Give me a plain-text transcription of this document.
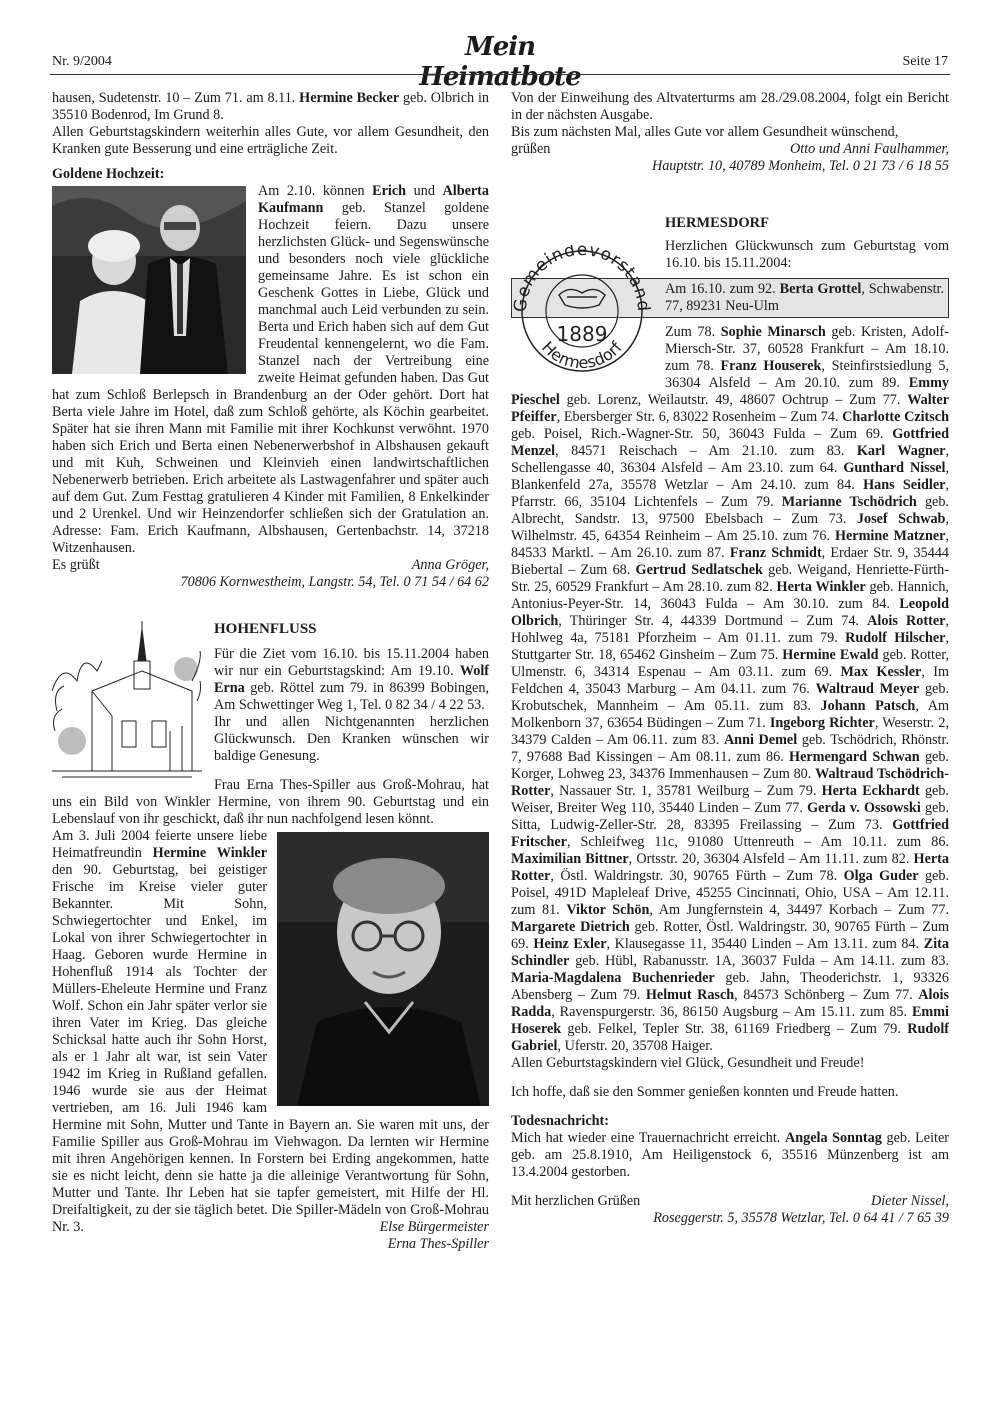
Nr. 9/2004	Mein Heimatbote
Seite 17

hausen, Sudetenstr. 10 – Zum 71. am 8.11. Hermine Becker geb. Olbrich in 35510 Bodenrod, Im Grund 8.

Allen Geburtstagskindern weiterhin alles Gute, vor allem Gesundheit, den Kranken gute Besserung und eine erträgliche Zeit.

Goldene Hochzeit:

Am 2.10. können Erich und Alberta Kaufmann geb. Stanzel goldene Hochzeit feiern. Dazu unsere herzlichsten Glück- und Segenswünsche und besonders noch viele glückliche gemeinsame Jahre. Es ist schon ein Geschenk Gottes in Liebe, Glück und manchmal auch Leid verbunden zu sein. Berta und Erich haben sich auf dem Gut Freudental kennengelernt, wo die Fam. Stanzel nach der Vertreibung eine zweite Heimat gefunden haben. Das Gut hat zum Schloß Berlepsch in Brandenburg an der Oder gehört. Dort hat Berta viele Jahre im Hotel, daß zum Schloß gehörte, als Köchin gearbeitet. Später hat sie ihren Mann mit Familie mit ihrer Kochkunst verwöhnt. 1970 haben sich Erich und Berta einen Nebenerwerbshof in Albshausen gekauft und mit Kuh, Schweinen und Kleinvieh einen landwirtschaftlichen Nebenerwerb betrieben. Erich arbeitete als Lastwagenfahrer und später auch auf dem Gut. Zum Festtag gratulieren 4 Kinder mit Familien, 8 Enkelkinder und 2 Urenkel. Und wir Heinzendorfer schließen sich der Gratulation an. Adresse: Fam. Erich Kaufmann, Albshausen, Gertenbachstr. 14, 37218 Witzenhausen.

Es grüßt	Anna Gröger,

70806 Kornwestheim, Langstr. 54, Tel. 0 71 54 / 64 62

HOHENFLUSS

Für die Ziet vom 16.10. bis 15.11.2004 haben wir nur ein Geburtstagskind: Am 19.10. Wolf Erna geb. Röttel zum 79. in 86399 Bobingen, Am Schwettinger Weg 1, Tel. 0 82 34 / 4 22 53.

Ihr und allen Nichtgenannten herzlichen Glückwunsch. Den Kranken wünschen wir baldige Genesung.

Frau Erna Thes-Spiller aus Groß-Mohrau, hat uns ein Bild von Winkler Hermine, von ihrem 90. Geburtstag und ein Lebenslauf von ihr geschickt, daß ihr nun nachfolgend lesen könnt.

Am 3. Juli 2004 feierte unsere liebe Heimatfreundin Hermine Winkler den 90. Geburtstag, bei geistiger Frische im Kreise vieler guter Bekannter. Mit Sohn, Schwiegertochter und Enkel, im Lokal von ihrer Schwiegertochter in Haag. Geboren wurde Hermine in Hohenfluß 1914 als Tochter der Müllers-Eheleute Hermine und Franz Wolf. Schon ein Jahr später verlor sie ihren Vater im Krieg. Das gleiche Schicksal hatte auch ihr Sohn Horst, als er 1 Jahr alt war, ist sein Vater 1942 im Krieg in Rußland gefallen. 1946 wurde sie aus der Heimat vertrieben, am 16. Juli 1946 kam Hermine mit Sohn, Mutter und Tante in Bayern an. Sie waren mit uns, der Familie Spiller aus Groß-Mohrau im Viehwagon. Da lernten wir Hermine mit ihren Angehörigen kennen. In Forstern bei Erding angekommen, hatte sie es nicht leicht, denn sie hatte ja die alleinige Verantwortung für Sohn, Mutter und Tante. Ihr Leben hat sie tapfer gemeistert, mit Hilfe der Hl. Dreifaltigkeit, zu der sie täglich betet. Die Spiller-Mädeln von Groß-Mohrau Nr. 3.	Else Bürgermeister

Erna Thes-Spiller

Von der Einweihung des Altvaterturms am 28./29.08.2004, folgt ein Bericht in der nächsten Ausgabe.

Bis zum nächsten Mal, alles Gute vor allem Gesundheit wünschend,

grüßen	Otto und Anni Faulhammer,

Hauptstr. 10, 40789 Monheim, Tel. 0 21 73 / 6 18 55

Gemeindevorstand
Hermesdorf
1889

HERMESDORF

Herzlichen Glückwunsch zum Geburtstag vom 16.10. bis 15.11.2004:

Am 16.10. zum 92. Berta Grottel, Schwabenstr. 77, 89231 Neu-Ulm

Zum 78. Sophie Minarsch geb. Kristen, Adolf-Miersch-Str. 37, 60528 Frankfurt – Am 18.10. zum 78. Franz Houserek, Steinfirstsiedlung 5, 36304 Alsfeld – Am 20.10. zum 89. Emmy Pieschel geb. Lorenz, Weilautstr. 49, 48607 Ochtrup – Zum 77. Walter Pfeiffer, Ebersberger Str. 6, 83022 Rosenheim – Zum 74. Charlotte Czitsch geb. Poisel, Rich.-Wagner-Str. 50, 36043 Fulda – Zum 69. Gottfried Menzel, 84571 Reischach – Am 21.10. zum 83. Karl Wagner, Schellengasse 40, 36304 Alsfeld – Am 23.10. zum 64. Gunthard Nissel, Blankenfeld 27a, 35578 Wetzlar – Am 24.10. zum 84. Hans Seidler, Pfarrstr. 66, 35104 Lichtenfels – Zum 79. Marianne Tschödrich geb. Albrecht, Sandstr. 13, 97500 Ebelsbach – Zum 73. Josef Schwab, Wilhelmstr. 45, 64354 Reinheim – Am 25.10. zum 76. Hermine Matzner, 84533 Marktl. – Am 26.10. zum 87. Franz Schmidt, Erdaer Str. 9, 35444 Biebertal – Zum 68. Gertrud Sedlatschek geb. Weigand, Henriette-Fürth-Str. 25, 60529 Frankfurt – Am 28.10. zum 82. Herta Winkler geb. Hannich, Antonius-Peyer-Str. 14, 36043 Fulda – Am 30.10. zum 84. Leopold Olbrich, Thüringer Str. 4, 44339 Dortmund – Zum 74. Alois Rotter, Hohlweg 4a, 75181 Pforzheim – Am 01.11. zum 79. Rudolf Hilscher, Stuttgarter Str. 18, 65462 Ginsheim – Zum 75. Hermine Ewald geb. Rotter, Ulmenstr. 6, 34314 Espenau – Am 03.11. zum 69. Max Kessler, Im Feldchen 4, 35043 Marburg – Am 04.11. zum 76. Waltraud Meyer geb. Krobutschek, Mannheim – Am 05.11. zum 83. Johann Patsch, Am Molkenborn 37, 63654 Büdingen – Zum 71. Ingeborg Richter, Weserstr. 2, 34379 Calden – Am 06.11. zum 83. Anni Demel geb. Tschödrich, Rhönstr. 7, 97688 Bad Kissingen – Am 08.11. zum 86. Hermengard Schwan geb. Korger, Lohweg 23, 34376 Immenhausen – Zum 80. Waltraud Tschödrich-Rotter, Nassauer Str. 1, 35781 Weilburg – Zum 79. Herta Eckhardt geb. Weiser, Breiter Weg 110, 35440 Linden – Zum 77. Gerda v. Ossowski geb. Sitta, Ludwig-Zeller-Str. 28, 83395 Freilassing – Zum 73. Gottfried Fritscher, Schleifweg 11c, 91080 Uttenreuth – Am 10.11. zum 86. Maximilian Bittner, Ortsstr. 20, 36304 Alsfeld – Am 11.11. zum 82. Herta Rotter, Östl. Waldringstr. 30, 90765 Fürth – Zum 78. Olga Guder geb. Poisel, 491D Mapleleaf Drive, 45255 Cincinnati, Ohio, USA – Am 12.11. zum 81. Viktor Schön, Am Jungfernstein 4, 34497 Korbach – Zum 77. Margarete Dietrich geb. Rotter, Östl. Waldringstr. 30, 90765 Fürth – Zum 69. Heinz Exler, Klausegasse 11, 35440 Linden – Am 13.11. zum 84. Zita Schindler geb. Hübl, Rabanusstr. 1A, 36037 Fulda – Am 14.11. zum 83. Maria-Magdalena Buchenrieder geb. Jahn, Theoderichstr. 1, 93326 Abensberg – Zum 79. Helmut Rasch, 84573 Schönberg – Zum 77. Alois Radda, Ravenspurgerstr. 36, 86150 Augsburg – Am 15.11. zum 85. Emmi Hoserek geb. Felkel, Tepler Str. 38, 61169 Friedberg – Zum 79. Rudolf Gabriel, Uferstr. 20, 35708 Haiger.

Allen Geburtstagskindern viel Glück, Gesundheit und Freude!

Ich hoffe, daß sie den Sommer genießen konnten und Freude hatten.

Todesnachricht:

Mich hat wieder eine Trauernachricht erreicht. Angela Sonntag geb. Leiter geb. am 25.8.1910, Am Heiligenstock 6, 35516 Münzenberg ist am 13.4.2004 gestorben.

Mit herzlichen Grüßen	Dieter Nissel,

Roseggerstr. 5, 35578 Wetzlar, Tel. 0 64 41 / 7 65 39
